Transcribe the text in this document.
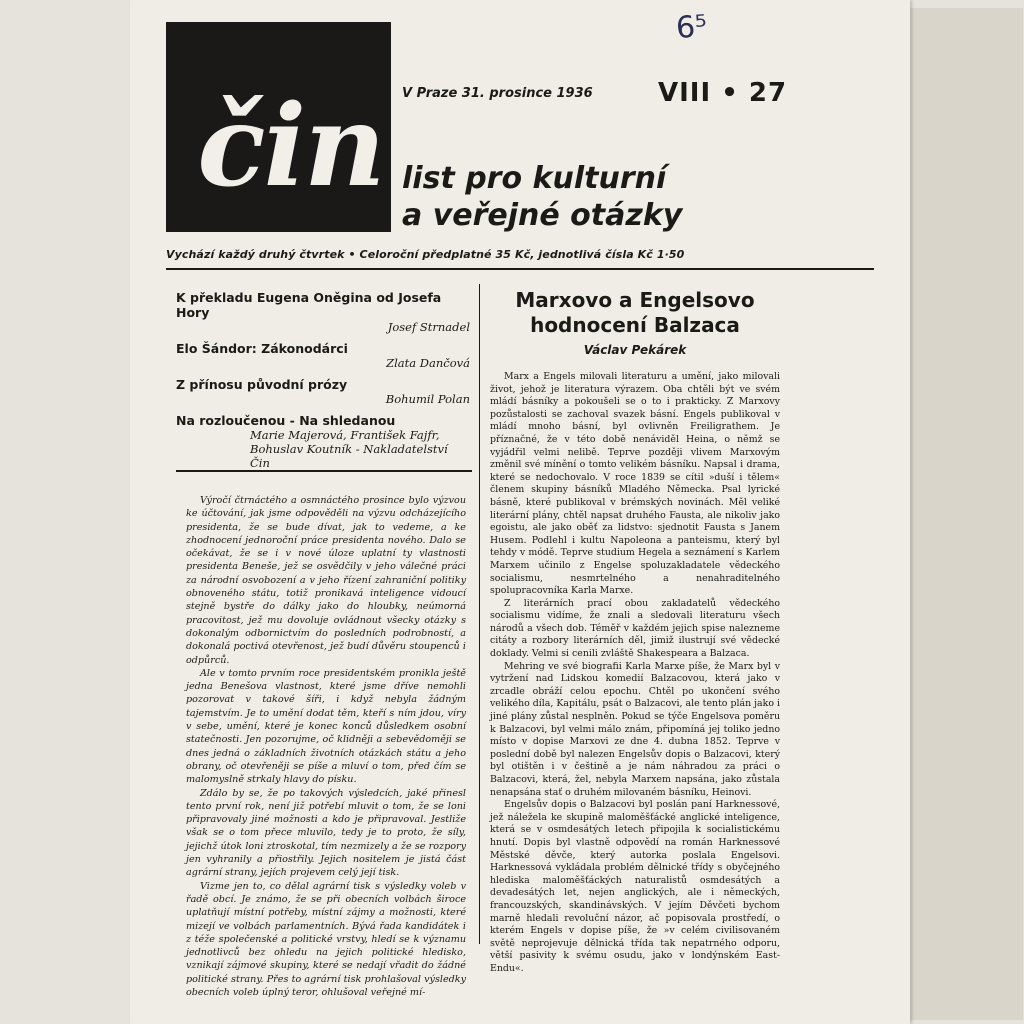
6⁵
čin V Praze 31. prosince 1936	VIII • 27
list pro kulturní
a veřejné otázky
Vychází každý druhý čtvrtek • Celoroční předplatné 35 Kč, jednotlivá čísla Kč 1·50
K překladu Eugena Oněgina od Josefa Hory
Josef Strnadel
Elo Šándor: Zákonodárci
Zlata Dančová
Z přínosu původní prózy
Bohumil Polan
Na rozloučenou - Na shledanou
Marie Majerová, František Fajfr, Bohuslav Koutník - Nakladatelství Čin

Výročí čtrnáctého a osmnáctého prosince bylo výzvou ke účtování, jak jsme odpověděli na výzvu odcházejícího presidenta, že se bude dívat, jak to vedeme, a ke zhodnocení jednoroční práce presidenta nového. Dalo se očekávat, že se i v nové úloze uplatní ty vlastnosti presidenta Beneše, jež se osvědčily v jeho válečné práci za národní osvobození a v jeho řízení zahraniční politiky obnoveného státu, totiž pronikavá inteligence vidoucí stejně bystře do dálky jako do hloubky, neúmorná pracovitost, jež mu dovoluje ovládnout všecky otázky s dokonalým odbornictvím do posledních podrobností, a dokonalá poctivá otevřenost, jež budí důvěru stoupenců i odpůrců.

Ale v tomto prvním roce presidentském pronikla ještě jedna Benešova vlastnost, které jsme dříve nemohli pozorovat v takové šíři, i když nebyla žádným tajemstvím. Je to umění dodat těm, kteří s ním jdou, víry v sebe, umění, které je konec konců důsledkem osobní statečnosti. Jen pozorujme, oč klidněji a sebevědoměji se dnes jedná o základních životních otázkách státu a jeho obrany, oč otevřeněji se píše a mluví o tom, před čím se malomyslně strkaly hlavy do písku.

Zdálo by se, že po takových výsledcích, jaké přinesl tento první rok, není již potřebí mluvit o tom, že se loni připravovaly jiné možnosti a kdo je připravoval. Jestliže však se o tom přece mluvilo, tedy je to proto, že síly, jejichž útok loni ztroskotal, tím nezmizely a že se rozpory jen vyhranily a přiostřily. Jejich nositelem je jistá část agrární strany, jejích projevem celý její tisk.

Vizme jen to, co dělal agrární tisk s výsledky voleb v řadě obcí. Je známo, že se při obecních volbách široce uplatňují místní potřeby, místní zájmy a možnosti, které mizejí ve volbách parlamentních. Bývá řada kandidátek i z téže společenské a politické vrstvy, hledí se k významu jednotlivců bez ohledu na jejich politické hledisko, vznikají zájmové skupiny, které se nedají vřadit do žádné politické strany. Přes to agrární tisk prohlašoval výsledky obecních voleb úplný teror, ohlušoval veřejné mí-

Marxovo a Engelsovo
hodnocení Balzaca
Václav Pekárek

Marx a Engels milovali literaturu a umění, jako milovali život, jehož je literatura výrazem. Oba chtěli být ve svém mládí básníky a pokoušeli se o to i prakticky. Z Marxovy pozůstalosti se zachoval svazek básní. Engels publikoval v mládí mnoho básní, byl ovlivněn Freiligrathem. Je příznačné, že v této době nenáviděl Heina, o němž se vyjádřil velmi nelibě. Teprve později vlivem Marxovým změnil své mínění o tomto velikém básníku. Napsal i drama, které se nedochovalo. V roce 1839 se cítil »duší i tělem« členem skupiny básníků Mladého Německa. Psal lyrické básně, které publikoval v brémských novinách. Měl veliké literární plány, chtěl napsat druhého Fausta, ale nikoliv jako egoistu, ale jako oběť za lidstvo: sjednotit Fausta s Janem Husem. Podlehl i kultu Napoleona a panteismu, který byl tehdy v módě. Teprve studium Hegela a seznámení s Karlem Marxem učinilo z Engelse spoluzakladatele vědeckého socialismu, nesmrtelného a nenahraditelného spolupracovníka Karla Marxe.

Z literárních prací obou zakladatelů vědeckého socialismu vidíme, že znali a sledovali literaturu všech národů a všech dob. Téměř v každém jejich spise nalezneme citáty a rozbory literárních děl, jimiž ilustrují své vědecké doklady. Velmi si cenili zvláště Shakespeara a Balzaca.

Mehring ve své biografii Karla Marxe píše, že Marx byl v vytržení nad Lidskou komedií Balzacovou, která jako v zrcadle obráží celou epochu. Chtěl po ukončení svého velikého díla, Kapitálu, psát o Balzacovi, ale tento plán jako i jiné plány zůstal nesplněn. Pokud se týče Engelsova poměru k Balzacovi, byl velmi málo znám, připomíná jej toliko jedno místo v dopise Marxovi ze dne 4. dubna 1852. Teprve v poslední době byl nalezen Engelsův dopis o Balzacovi, který byl otištěn i v češtině a je nám náhradou za práci o Balzacovi, která, žel, nebyla Marxem napsána, jako zůstala nenapsána stať o druhém milovaném básníku, Heinovi.

Engelsův dopis o Balzacovi byl poslán paní Harknessové, jež náležela ke skupině maloměšťácké anglické inteligence, která se v osmdesátých letech připojila k socialistickému hnutí. Dopis byl vlastně odpovědí na román Harknessové Městské děvče, který autorka poslala Engelsovi. Harknessová vykládala problém dělnické třídy s obyčejného hlediska maloměšťáckých naturalistů osmdesátých a devadesátých let, nejen anglických, ale i německých, francouzských, skandinávských. V jejím Děvčeti bychom marně hledali revoluční názor, ač popisovala prostředí, o kterém Engels v dopise píše, že »v celém civilisovaném světě neprojevuje dělnická třída tak nepatrného odporu, větší pasivity k svému osudu, jako v londýnském East-Endu«.
